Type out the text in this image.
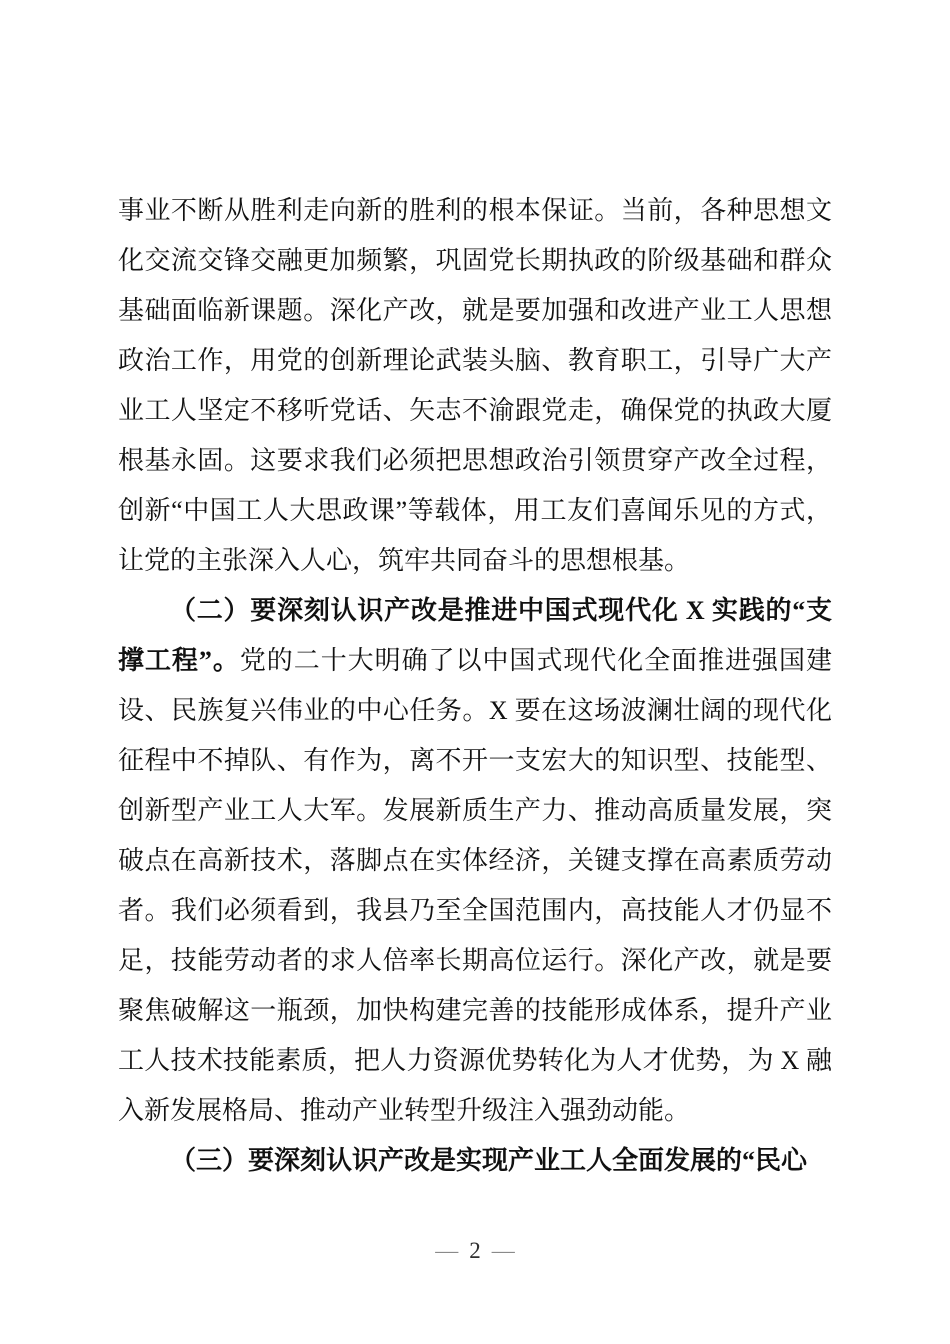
事业不断从胜利走向新的胜利的根本保证。当前，各种思想文化交流交锋交融更加频繁，巩固党长期执政的阶级基础和群众基础面临新课题。深化产改，就是要加强和改进产业工人思想政治工作，用党的创新理论武装头脑、教育职工，引导广大产业工人坚定不移听党话、矢志不渝跟党走，确保党的执政大厦根基永固。这要求我们必须把思想政治引领贯穿产改全过程，创新“中国工人大思政课”等载体，用工友们喜闻乐见的方式，让党的主张深入人心，筑牢共同奋斗的思想根基。

（二）要深刻认识产改是推进中国式现代化 X 实践的“支撑工程”。党的二十大明确了以中国式现代化全面推进强国建设、民族复兴伟业的中心任务。X 要在这场波澜壮阔的现代化征程中不掉队、有作为，离不开一支宏大的知识型、技能型、创新型产业工人大军。发展新质生产力、推动高质量发展，突破点在高新技术，落脚点在实体经济，关键支撑在高素质劳动者。我们必须看到，我县乃至全国范围内，高技能人才仍显不足，技能劳动者的求人倍率长期高位运行。深化产改，就是要聚焦破解这一瓶颈，加快构建完善的技能形成体系，提升产业工人技术技能素质，把人力资源优势转化为人才优势，为 X 融入新发展格局、推动产业转型升级注入强劲动能。

（三）要深刻认识产改是实现产业工人全面发展的“民心

— 2 —
